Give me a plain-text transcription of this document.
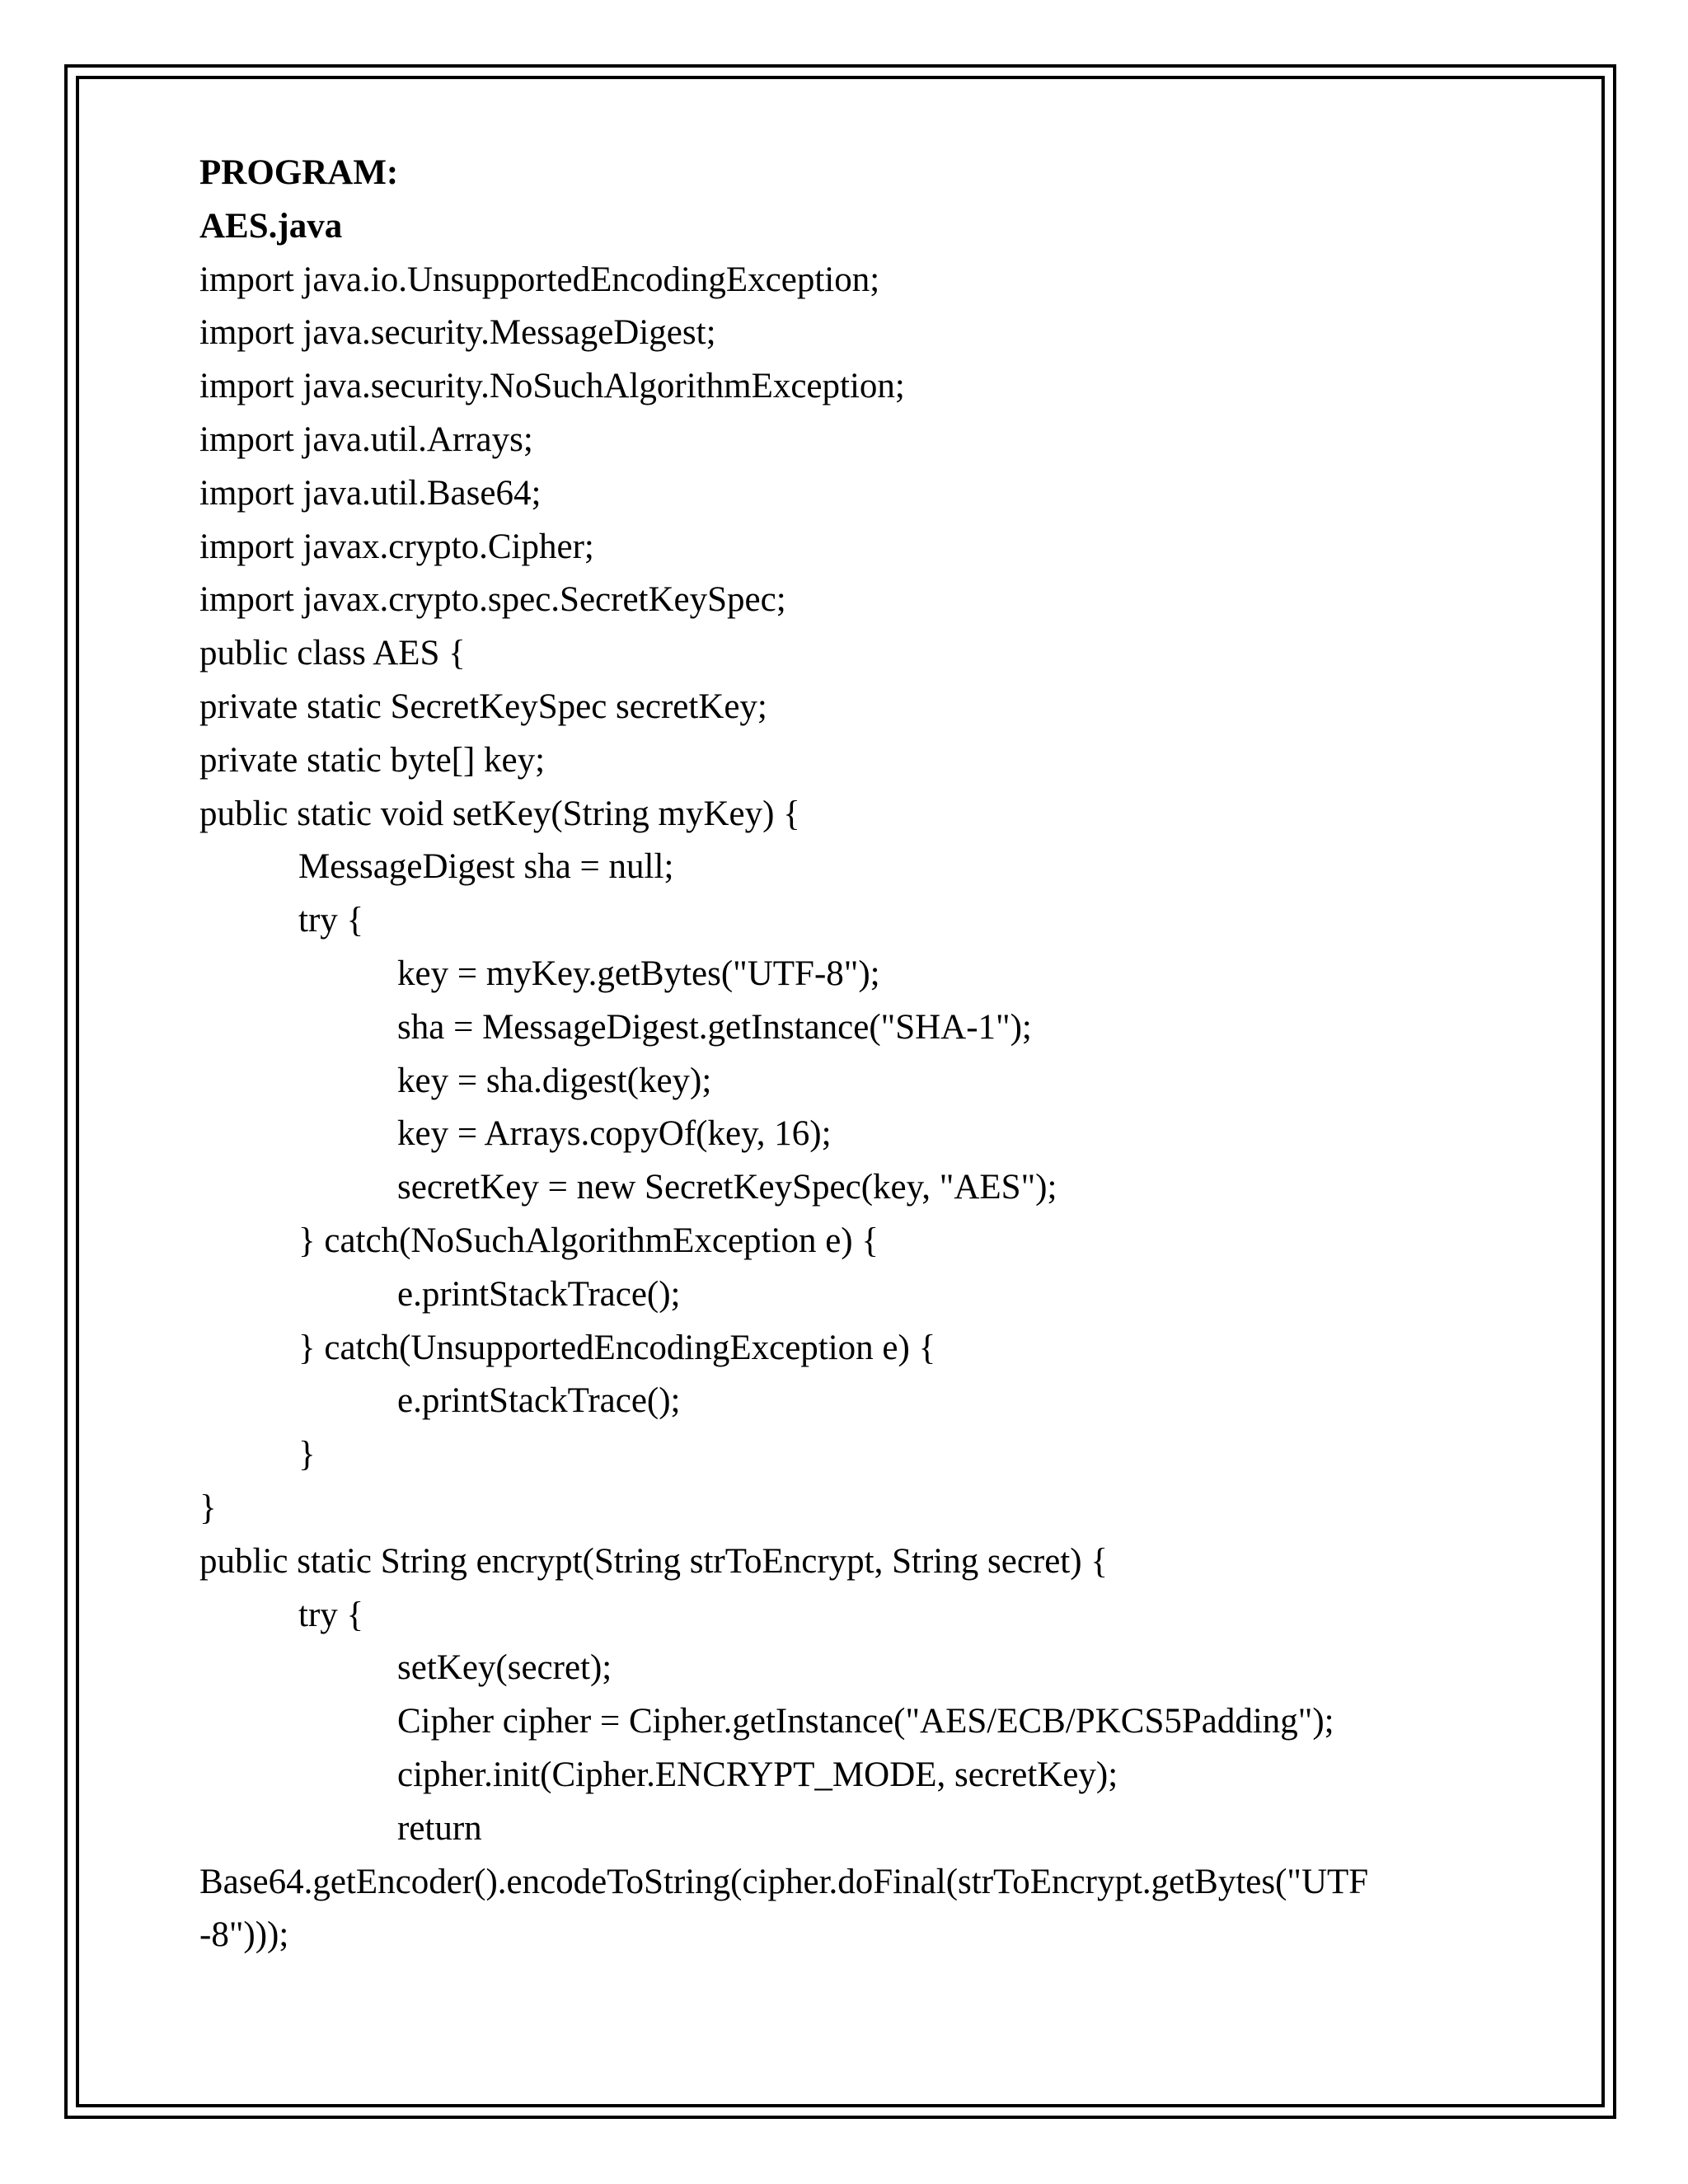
PROGRAM:
AES.java
import java.io.UnsupportedEncodingException;
import java.security.MessageDigest;
import java.security.NoSuchAlgorithmException;
import java.util.Arrays;
import java.util.Base64;
import javax.crypto.Cipher;
import javax.crypto.spec.SecretKeySpec;
public class AES {
private static SecretKeySpec secretKey;
private static byte[] key;
public static void setKey(String myKey) {
MessageDigest sha = null;
try {
key = myKey.getBytes("UTF-8");
sha = MessageDigest.getInstance("SHA-1");
key = sha.digest(key);
key = Arrays.copyOf(key, 16);
secretKey = new SecretKeySpec(key, "AES");
} catch(NoSuchAlgorithmException e) {
e.printStackTrace();
} catch(UnsupportedEncodingException e) {
e.printStackTrace();
}
}
public static String encrypt(String strToEncrypt, String secret) {
try {
setKey(secret);
Cipher cipher = Cipher.getInstance("AES/ECB/PKCS5Padding");
cipher.init(Cipher.ENCRYPT_MODE, secretKey);
return
Base64.getEncoder().encodeToString(cipher.doFinal(strToEncrypt.getBytes("UTF
-8")));
